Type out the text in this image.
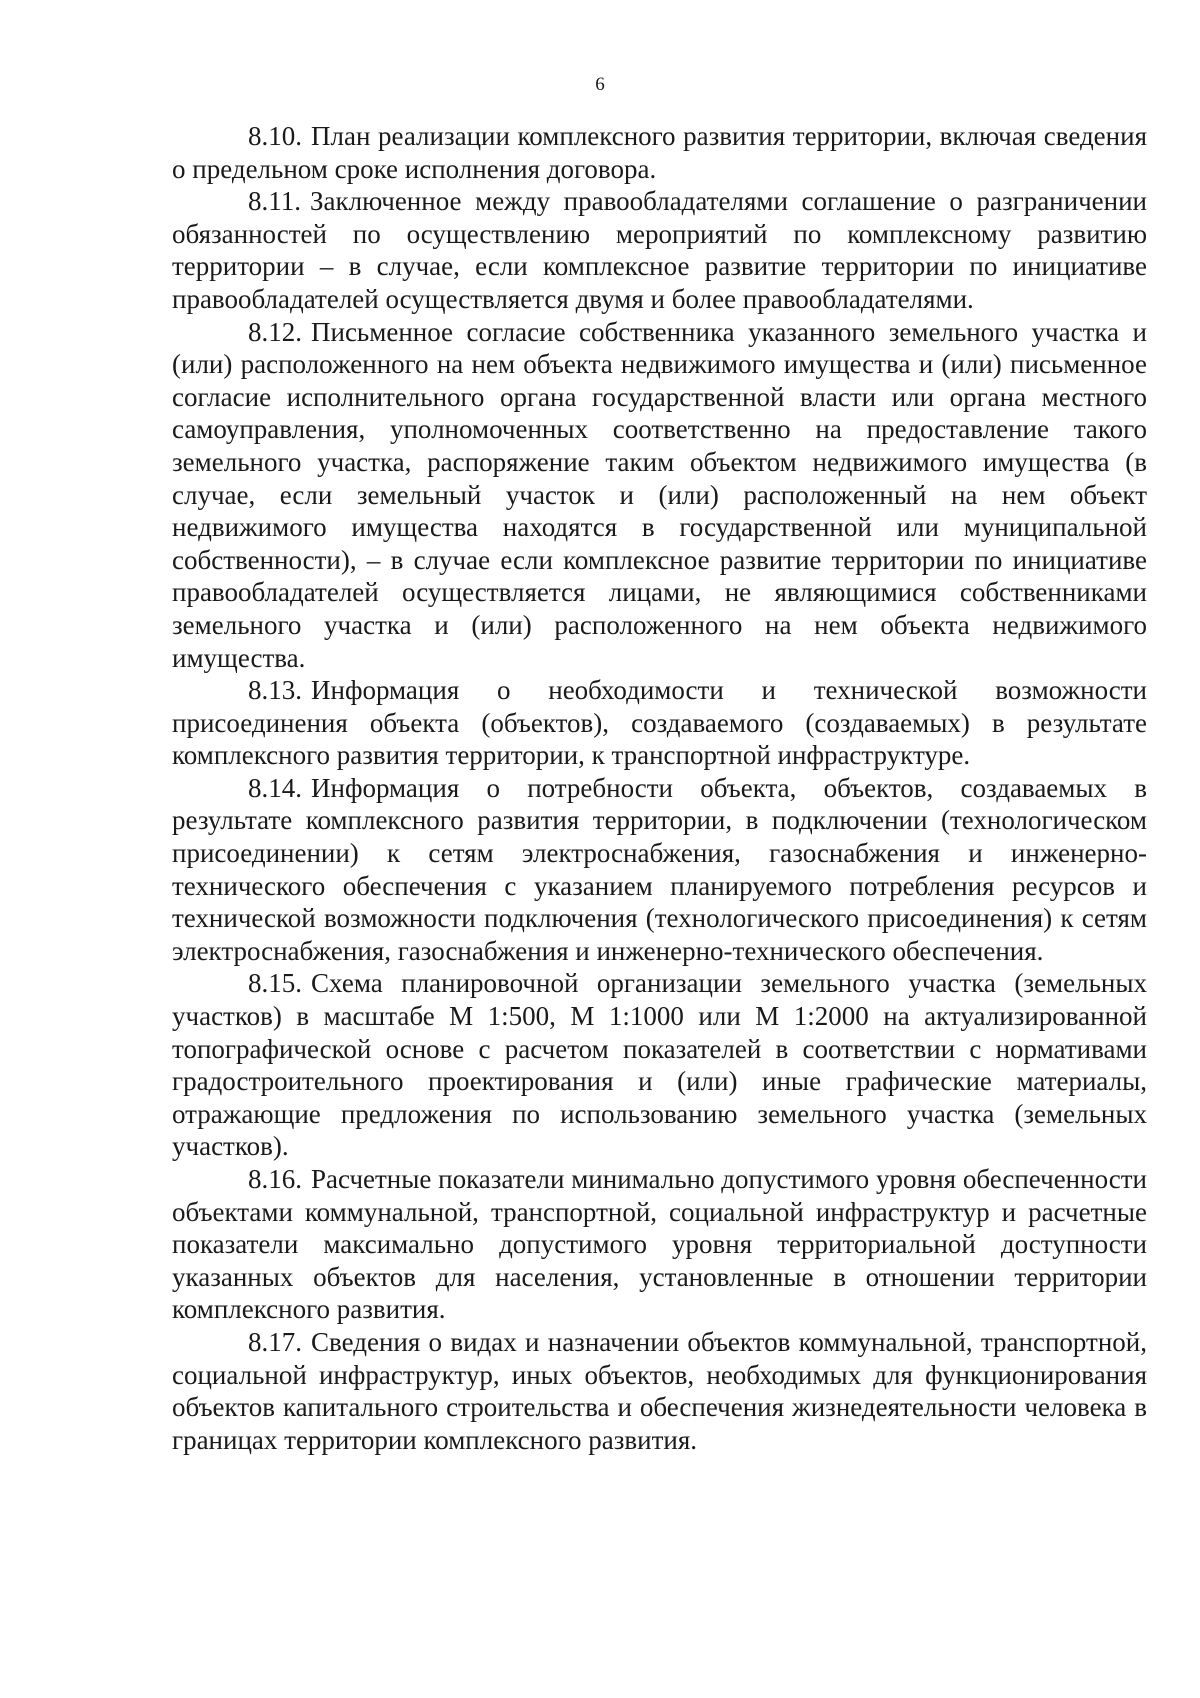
6

8.10. План реализации комплексного развития территории, включая сведения о предельном сроке исполнения договора.

8.11. Заключенное между правообладателями соглашение о разграничении обязанностей по осуществлению мероприятий по комплексному развитию территории – в случае, если комплексное развитие территории по инициативе правообладателей осуществляется двумя и более правообладателями.

8.12. Письменное согласие собственника указанного земельного участка и (или) расположенного на нем объекта недвижимого имущества и (или) письменное согласие исполнительного органа государственной власти или органа местного самоуправления, уполномоченных соответственно на предоставление такого земельного участка, распоряжение таким объектом недвижимого имущества (в случае, если земельный участок и (или) расположенный на нем объект недвижимого имущества находятся в государственной или муниципальной собственности), – в случае если комплексное развитие территории по инициативе правообладателей осуществляется лицами, не являющимися собственниками земельного участка и (или) расположенного на нем объекта недвижимого имущества.

8.13. Информация о необходимости и технической возможности присоединения объекта (объектов), создаваемого (создаваемых) в результате комплексного развития территории, к транспортной инфраструктуре.

8.14. Информация о потребности объекта, объектов, создаваемых в результате комплексного развития территории, в подключении (технологическом присоединении) к сетям электроснабжения, газоснабжения и инженерно-технического обеспечения с указанием планируемого потребления ресурсов и технической возможности подключения (технологического присоединения) к сетям электроснабжения, газоснабжения и инженерно-технического обеспечения.

8.15. Схема планировочной организации земельного участка (земельных участков) в масштабе М 1:500, М 1:1000 или М 1:2000 на актуализированной топографической основе с расчетом показателей в соответствии с нормативами градостроительного проектирования и (или) иные графические материалы, отражающие предложения по использованию земельного участка (земельных участков).

8.16. Расчетные показатели минимально допустимого уровня обеспеченности объектами коммунальной, транспортной, социальной инфраструктур и расчетные показатели максимально допустимого уровня территориальной доступности указанных объектов для населения, установленные в отношении территории комплексного развития.

8.17. Сведения о видах и назначении объектов коммунальной, транспортной, социальной инфраструктур, иных объектов, необходимых для функционирования объектов капитального строительства и обеспечения жизнедеятельности человека в границах территории комплексного развития.
